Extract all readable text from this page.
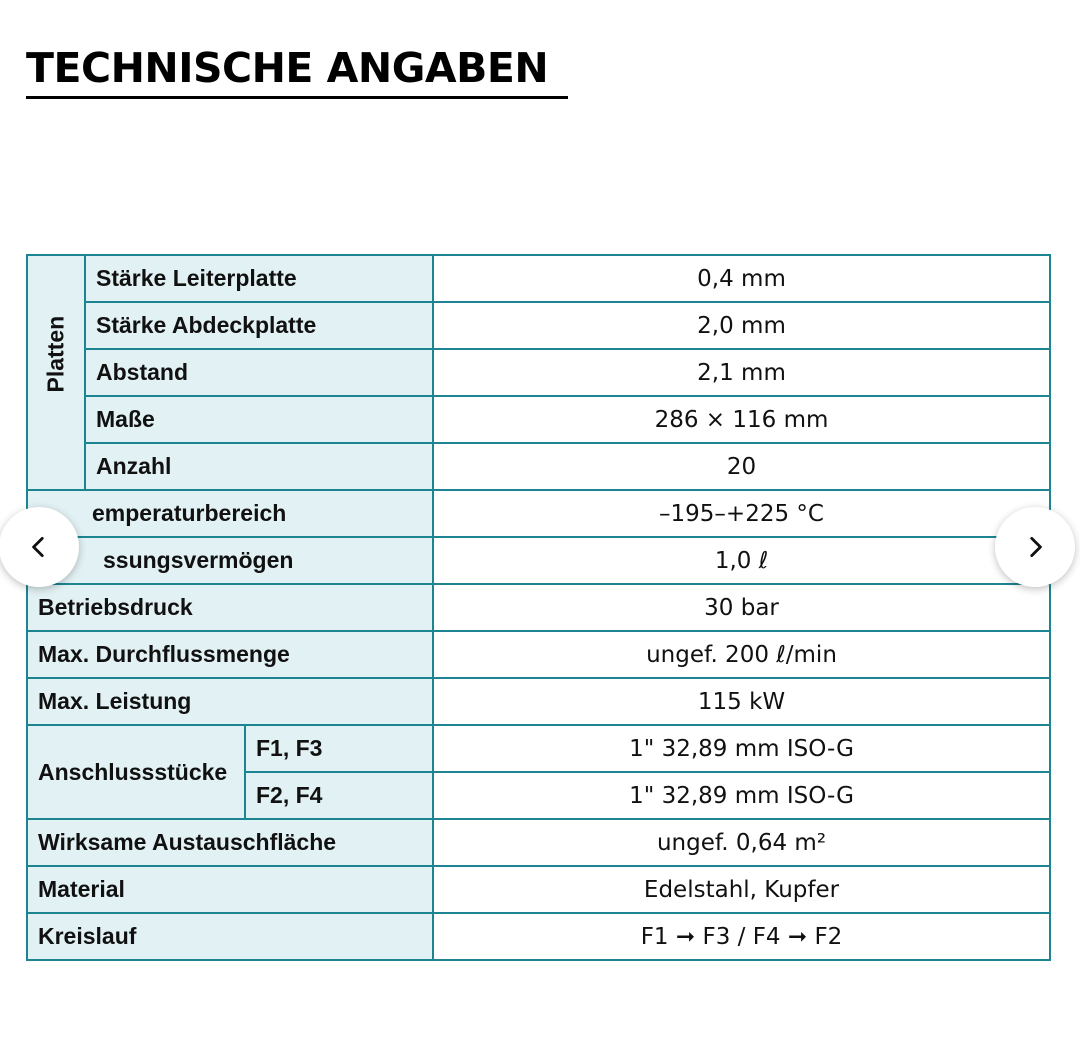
TECHNISCHE ANGABEN
Platten	Stärke Leiterplatte		0,4 mm
	Stärke Abdeckplatte		2,0 mm
	Abstand		2,1 mm
	Maße		286 × 116 mm
	Anzahl		20
emperaturbereich			–195–+225 °C
ssungsvermögen			1,0 ℓ
Betriebsdruck			30 bar
Max. Durchflussmenge			ungef. 200 ℓ/min
Max. Leistung			115 kW
Anschlussstücke		F1, F3	1" 32,89 mm ISO-G
		F2, F4	1" 32,89 mm ISO-G
Wirksame Austauschfläche			ungef. 0,64 m²
Material			Edelstahl, Kupfer
Kreislauf			F1 ➞ F3 / F4 ➞ F2
